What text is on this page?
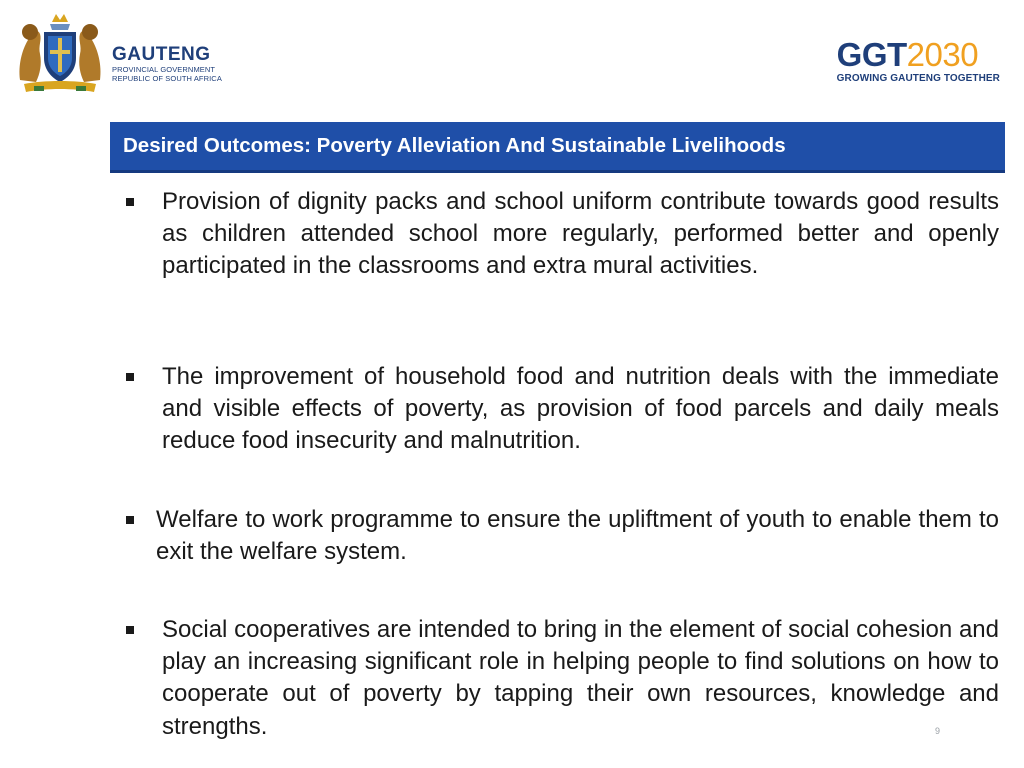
GAUTENG
PROVINCIAL GOVERNMENT
REPUBLIC OF SOUTH AFRICA
GGT2030
GROWING GAUTENG TOGETHER
Desired Outcomes: Poverty Alleviation And Sustainable Livelihoods
Provision of dignity packs and school uniform contribute towards good results as children attended school more regularly, performed better and openly participated in the classrooms and extra mural activities.
The improvement of household food and nutrition deals with the immediate and visible effects of poverty, as provision of food parcels and daily meals reduce food insecurity and malnutrition.
Welfare to work programme to ensure the upliftment of youth to enable them to exit the welfare system.
Social cooperatives are intended to bring in the element of social cohesion and play an increasing significant role in helping people to find solutions on how to cooperate out of poverty by tapping their own resources, knowledge and strengths.	9
